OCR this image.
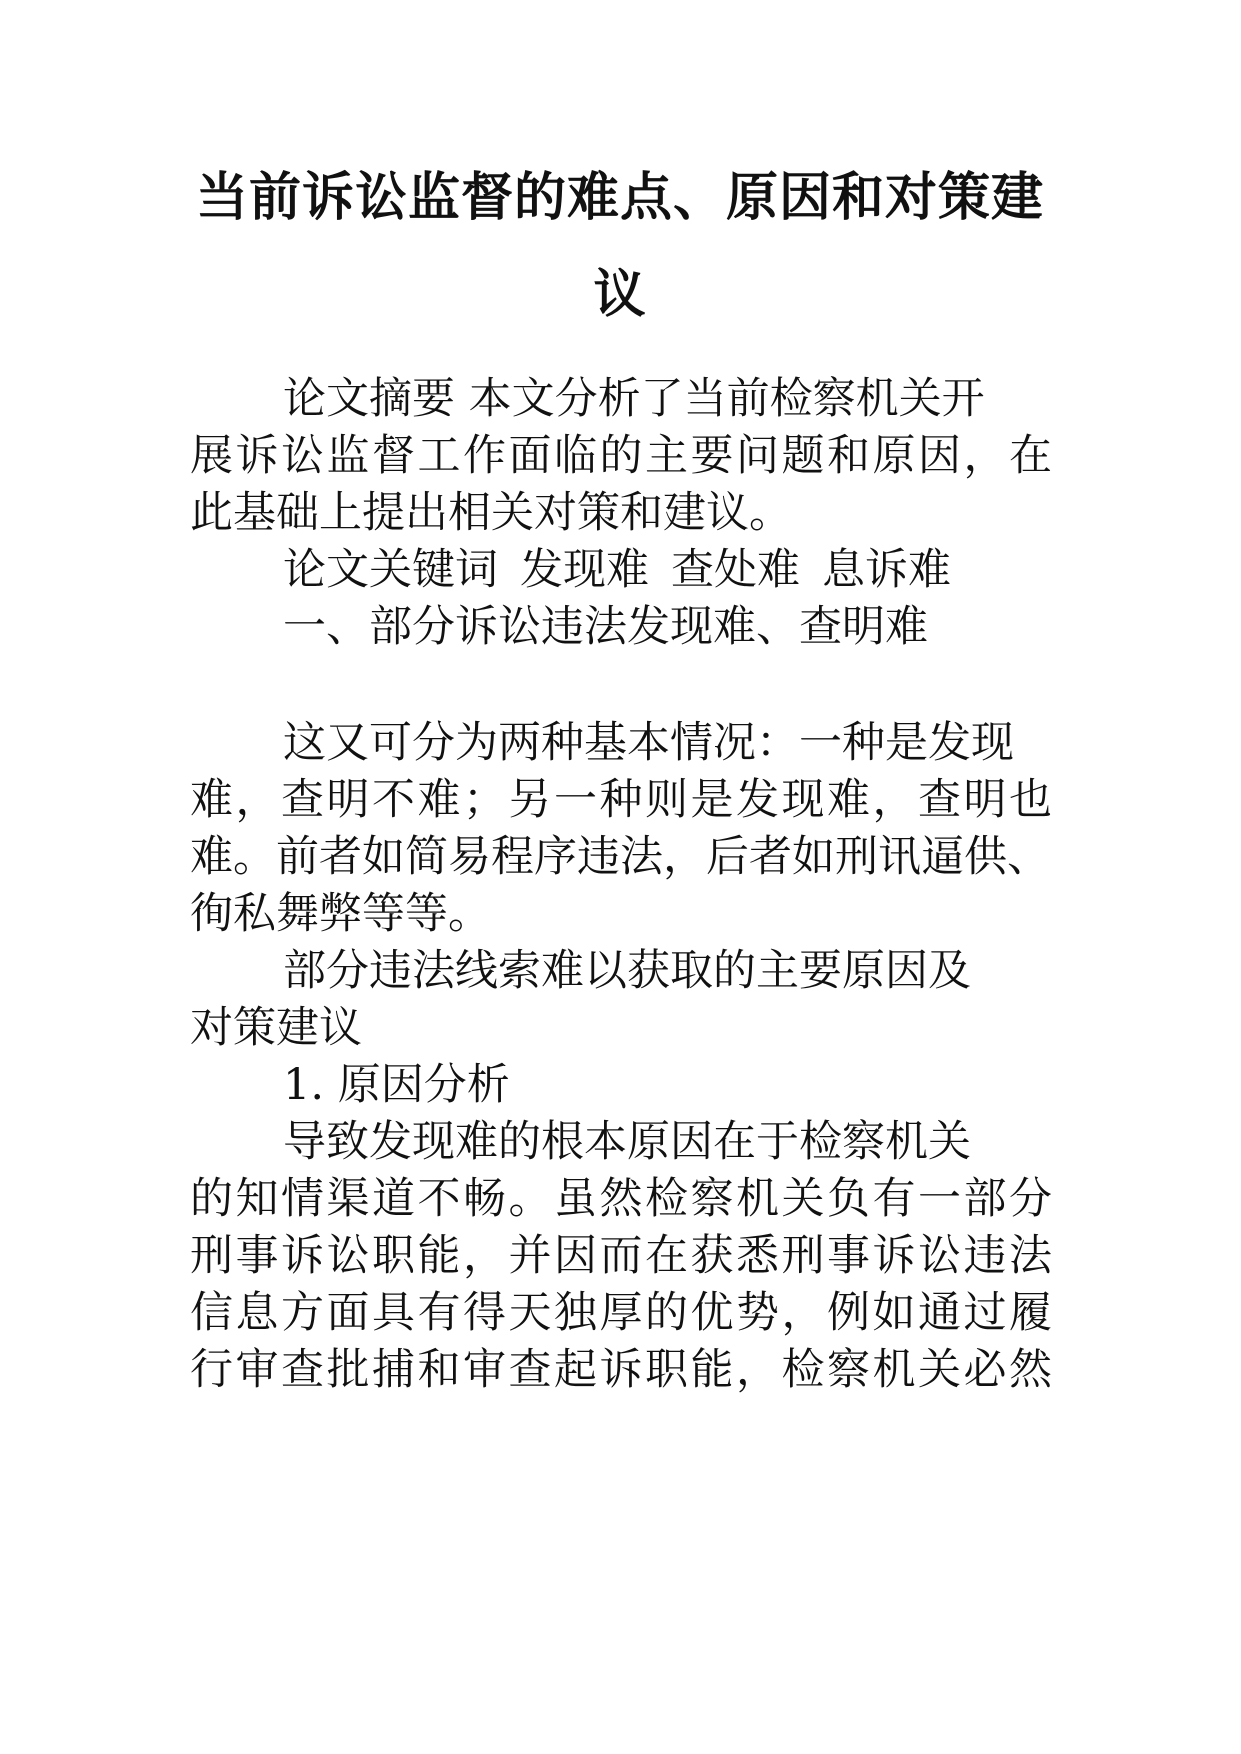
当前诉讼监督的难点、原因和对策建
议

论文摘要 本文分析了当前检察机关开

展诉讼监督工作面临的主要问题和原因，在

此基础上提出相关对策和建议。

论文关键词 发现难 查处难 息诉难

一、部分诉讼违法发现难、查明难

这又可分为两种基本情况：一种是发现

难，查明不难；另一种则是发现难，查明也

难。前者如简易程序违法，后者如刑讯逼供、

徇私舞弊等等。

部分违法线索难以获取的主要原因及

对策建议

1. 原因分析

导致发现难的根本原因在于检察机关

的知情渠道不畅。虽然检察机关负有一部分

刑事诉讼职能，并因而在获悉刑事诉讼违法

信息方面具有得天独厚的优势，例如通过履

行审查批捕和审查起诉职能，检察机关必然
